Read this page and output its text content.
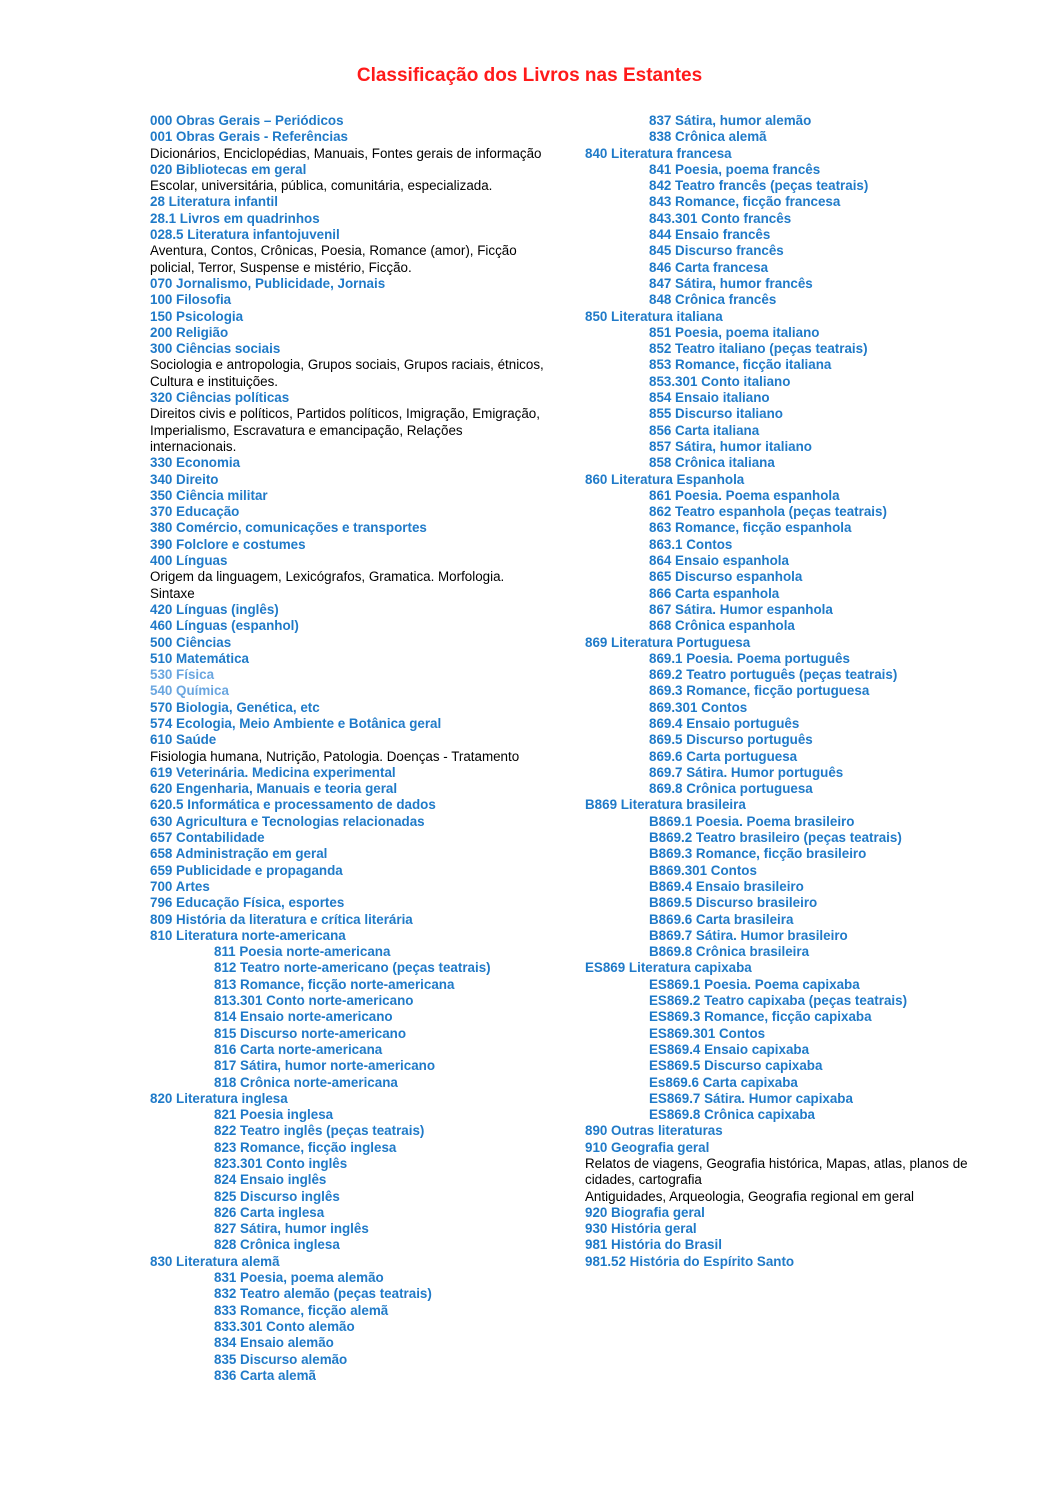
Classificação dos Livros nas Estantes
000 Obras Gerais – Periódicos
001 Obras Gerais - Referências
Dicionários, Enciclopédias, Manuais, Fontes gerais de informação
020 Bibliotecas em geral
Escolar, universitária, pública, comunitária, especializada.
28 Literatura infantil
28.1 Livros em quadrinhos
028.5 Literatura infantojuvenil
Aventura, Contos, Crônicas, Poesia, Romance (amor), Ficção policial, Terror, Suspense e mistério, Ficção.
070 Jornalismo, Publicidade, Jornais
100 Filosofia
150 Psicologia
200 Religião
300 Ciências sociais
Sociologia e antropologia, Grupos sociais, Grupos raciais, étnicos, Cultura e instituições.
320 Ciências políticas
Direitos civis e políticos, Partidos políticos, Imigração, Emigração, Imperialismo, Escravatura e emancipação, Relações internacionais.
330 Economia
340 Direito
350 Ciência militar
370 Educação
380 Comércio, comunicações e transportes
390 Folclore e costumes
400 Línguas
Origem da linguagem, Lexicógrafos, Gramatica. Morfologia. Sintaxe
420 Línguas (inglês)
460 Línguas (espanhol)
500 Ciências
510 Matemática
530 Física
540 Química
570 Biologia, Genética, etc
574 Ecologia, Meio Ambiente e Botânica geral
610 Saúde
Fisiologia humana, Nutrição, Patologia. Doenças - Tratamento
619 Veterinária. Medicina experimental
620 Engenharia, Manuais e teoria geral
620.5 Informática e processamento de dados
630 Agricultura e Tecnologias relacionadas
657 Contabilidade
658 Administração em geral
659 Publicidade e propaganda
700 Artes
796 Educação Física, esportes
809 História da literatura e crítica literária
810 Literatura norte-americana
811 Poesia norte-americana
812 Teatro norte-americano (peças teatrais)
813 Romance, ficção norte-americana
813.301 Conto norte-americano
814 Ensaio norte-americano
815 Discurso norte-americano
816 Carta norte-americana
817 Sátira, humor norte-americano
818 Crônica norte-americana
820 Literatura inglesa
821 Poesia inglesa
822 Teatro inglês (peças teatrais)
823 Romance, ficção inglesa
823.301 Conto inglês
824 Ensaio inglês
825 Discurso inglês
826 Carta inglesa
827 Sátira, humor inglês
828 Crônica inglesa
830 Literatura alemã
831 Poesia, poema alemão
832 Teatro alemão (peças teatrais)
833 Romance, ficção alemã
833.301 Conto alemão
834 Ensaio alemão
835 Discurso alemão
836 Carta alemã
837 Sátira, humor alemão
838 Crônica alemã
840 Literatura francesa
841 Poesia, poema francês
842 Teatro francês (peças teatrais)
843 Romance, ficção francesa
843.301 Conto francês
844 Ensaio francês
845 Discurso francês
846 Carta francesa
847 Sátira, humor francês
848 Crônica francês
850 Literatura italiana
851 Poesia, poema italiano
852 Teatro italiano (peças teatrais)
853 Romance, ficção italiana
853.301 Conto italiano
854 Ensaio italiano
855 Discurso italiano
856 Carta italiana
857 Sátira, humor italiano
858 Crônica italiana
860 Literatura Espanhola
861 Poesia. Poema espanhola
862 Teatro espanhola (peças teatrais)
863 Romance, ficção espanhola
863.1 Contos
864 Ensaio espanhola
865 Discurso espanhola
866 Carta espanhola
867 Sátira. Humor espanhola
868 Crônica espanhola
869 Literatura Portuguesa
869.1 Poesia. Poema português
869.2 Teatro português (peças teatrais)
869.3 Romance, ficção portuguesa
869.301 Contos
869.4 Ensaio português
869.5 Discurso português
869.6 Carta portuguesa
869.7 Sátira. Humor português
869.8 Crônica portuguesa
B869 Literatura brasileira
B869.1 Poesia. Poema brasileiro
B869.2 Teatro brasileiro (peças teatrais)
B869.3 Romance, ficção brasileiro
B869.301 Contos
B869.4 Ensaio brasileiro
B869.5 Discurso brasileiro
B869.6 Carta brasileira
B869.7 Sátira. Humor brasileiro
B869.8 Crônica brasileira
ES869 Literatura capixaba
ES869.1 Poesia. Poema capixaba
ES869.2 Teatro capixaba (peças teatrais)
ES869.3 Romance, ficção capixaba
ES869.301 Contos
ES869.4 Ensaio capixaba
ES869.5 Discurso capixaba
Es869.6 Carta capixaba
ES869.7 Sátira. Humor capixaba
ES869.8 Crônica capixaba
890 Outras literaturas
910 Geografia geral
Relatos de viagens, Geografia histórica, Mapas, atlas, planos de cidades, cartografia
Antiguidades, Arqueologia, Geografia regional em geral
920 Biografia geral
930 História geral
981 História do Brasil
981.52 História do Espírito Santo
